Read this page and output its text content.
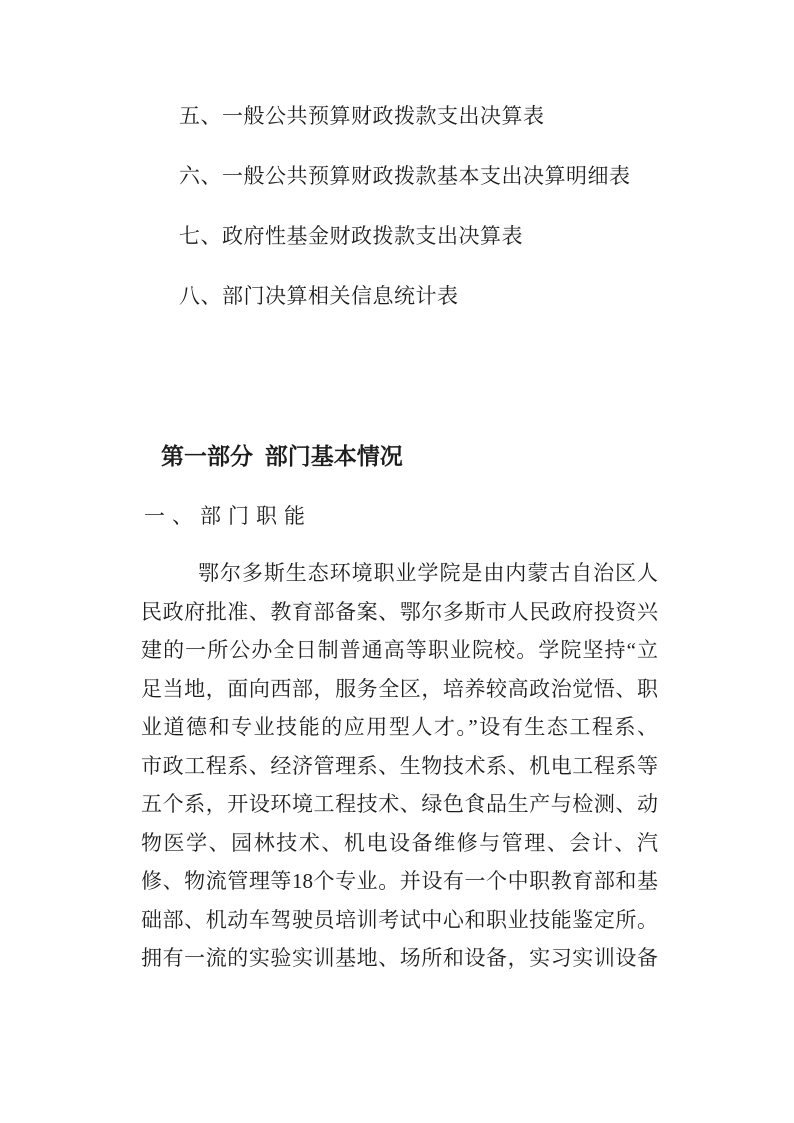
五、一般公共预算财政拨款支出决算表
六、一般公共预算财政拨款基本支出决算明细表
七、政府性基金财政拨款支出决算表
八、部门决算相关信息统计表
第一部分 部门基本情况
一、部门职能
鄂尔多斯生态环境职业学院是由内蒙古自治区人
民政府批准、教育部备案、鄂尔多斯市人民政府投资兴
建的一所公办全日制普通高等职业院校。学院坚持“立
足当地，面向西部，服务全区，培养较高政治觉悟、职
业道德和专业技能的应用型人才。”设有生态工程系、
市政工程系、经济管理系、生物技术系、机电工程系等
五个系，开设环境工程技术、绿色食品生产与检测、动
物医学、园林技术、机电设备维修与管理、会计、汽
修、物流管理等18个专业。并设有一个中职教育部和基
础部、机动车驾驶员培训考试中心和职业技能鉴定所。
拥有一流的实验实训基地、场所和设备，实习实训设备
